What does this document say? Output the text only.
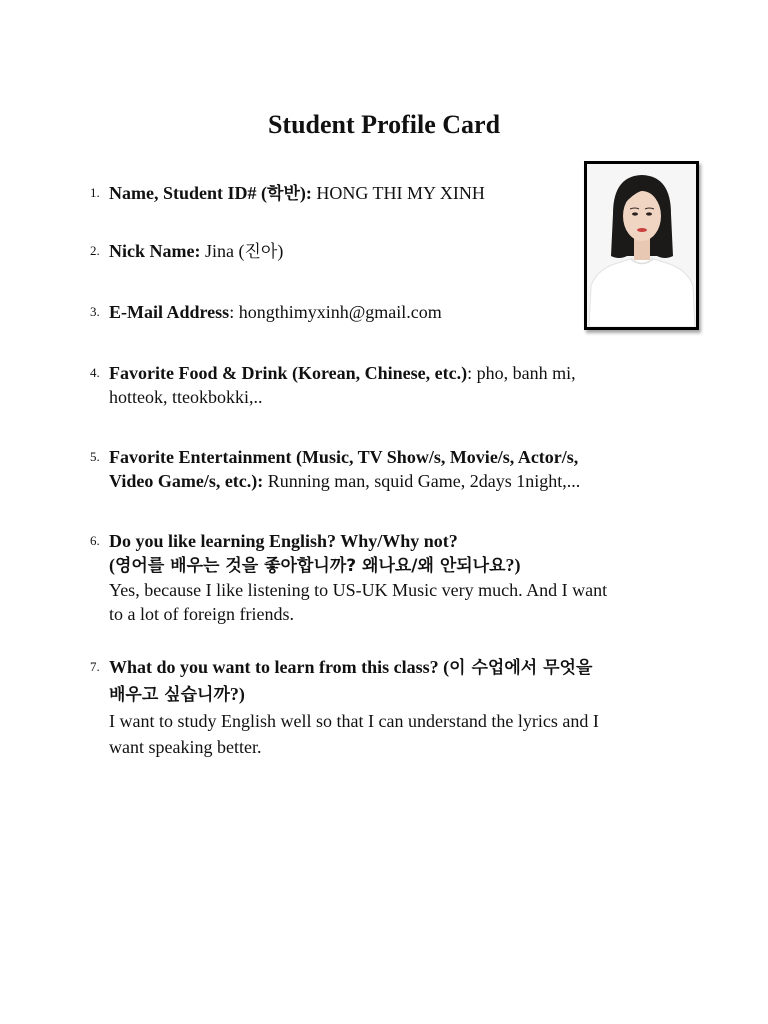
Student Profile Card
1. Name, Student ID# (학반): HONG THI MY XINH
2. Nick Name: Jina (진아)
3. E-Mail Address: hongthimyxinh@gmail.com
4. Favorite Food & Drink (Korean, Chinese, etc.): pho, banh mi,
hotteok, tteokbokki,..
5. Favorite Entertainment (Music, TV Show/s, Movie/s, Actor/s,
Video Game/s, etc.): Running man, squid Game, 2days 1night,...
6. Do you like learning English? Why/Why not?
(영어를 배우는 것을 좋아합니까? 왜나요/왜 안되나요?)
Yes, because I like listening to US-UK Music very much. And I want
to a lot of foreign friends.
7. What do you want to learn from this class? (이 수업에서 무엇을
배우고 싶습니까?)
I want to study English well so that I can understand the lyrics and I
want speaking better.
